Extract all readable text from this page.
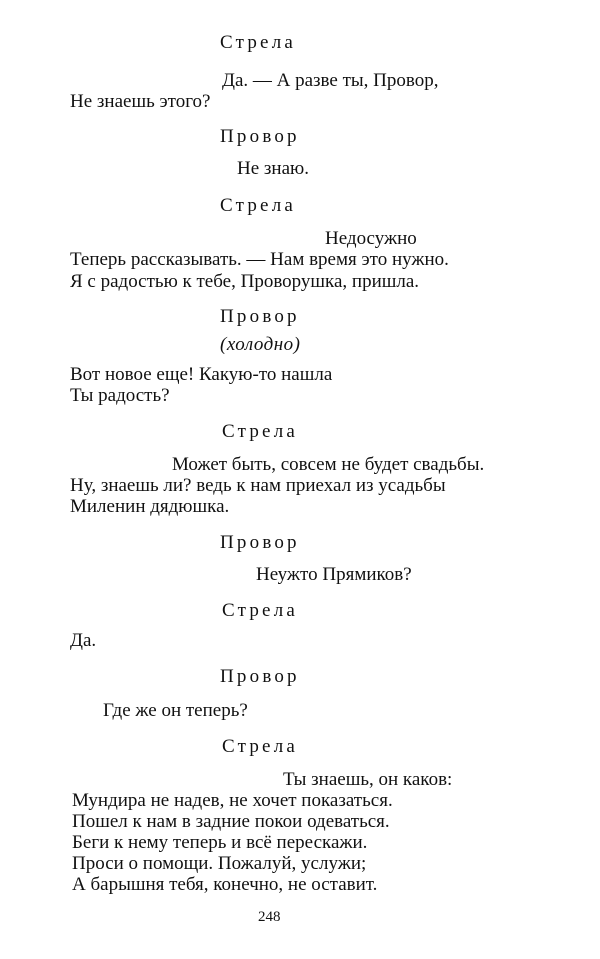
Стрела
Да. — А разве ты, Провор,
Не знаешь этого?
Провор
Не знаю.
Стрела
Недосужно
Теперь рассказывать. — Нам время это нужно.
Я с радостью к тебе, Проворушка, пришла.
Провор
(холодно)
Вот новое еще! Какую-то нашла
Ты радость?
Стрела
Может быть, совсем не будет свадьбы.
Ну, знаешь ли? ведь к нам приехал из усадьбы
Миленин дядюшка.
Провор
Неужто Прямиков?
Стрела
Да.
Провор
Где же он теперь?
Стрела
Ты знаешь, он каков:
Мундира не надев, не хочет показаться.
Пошел к нам в задние покои одеваться.
Беги к нему теперь и всё перескажи.
Проси о помощи. Пожалуй, услужи;
А барышня тебя, конечно, не оставит.
248
